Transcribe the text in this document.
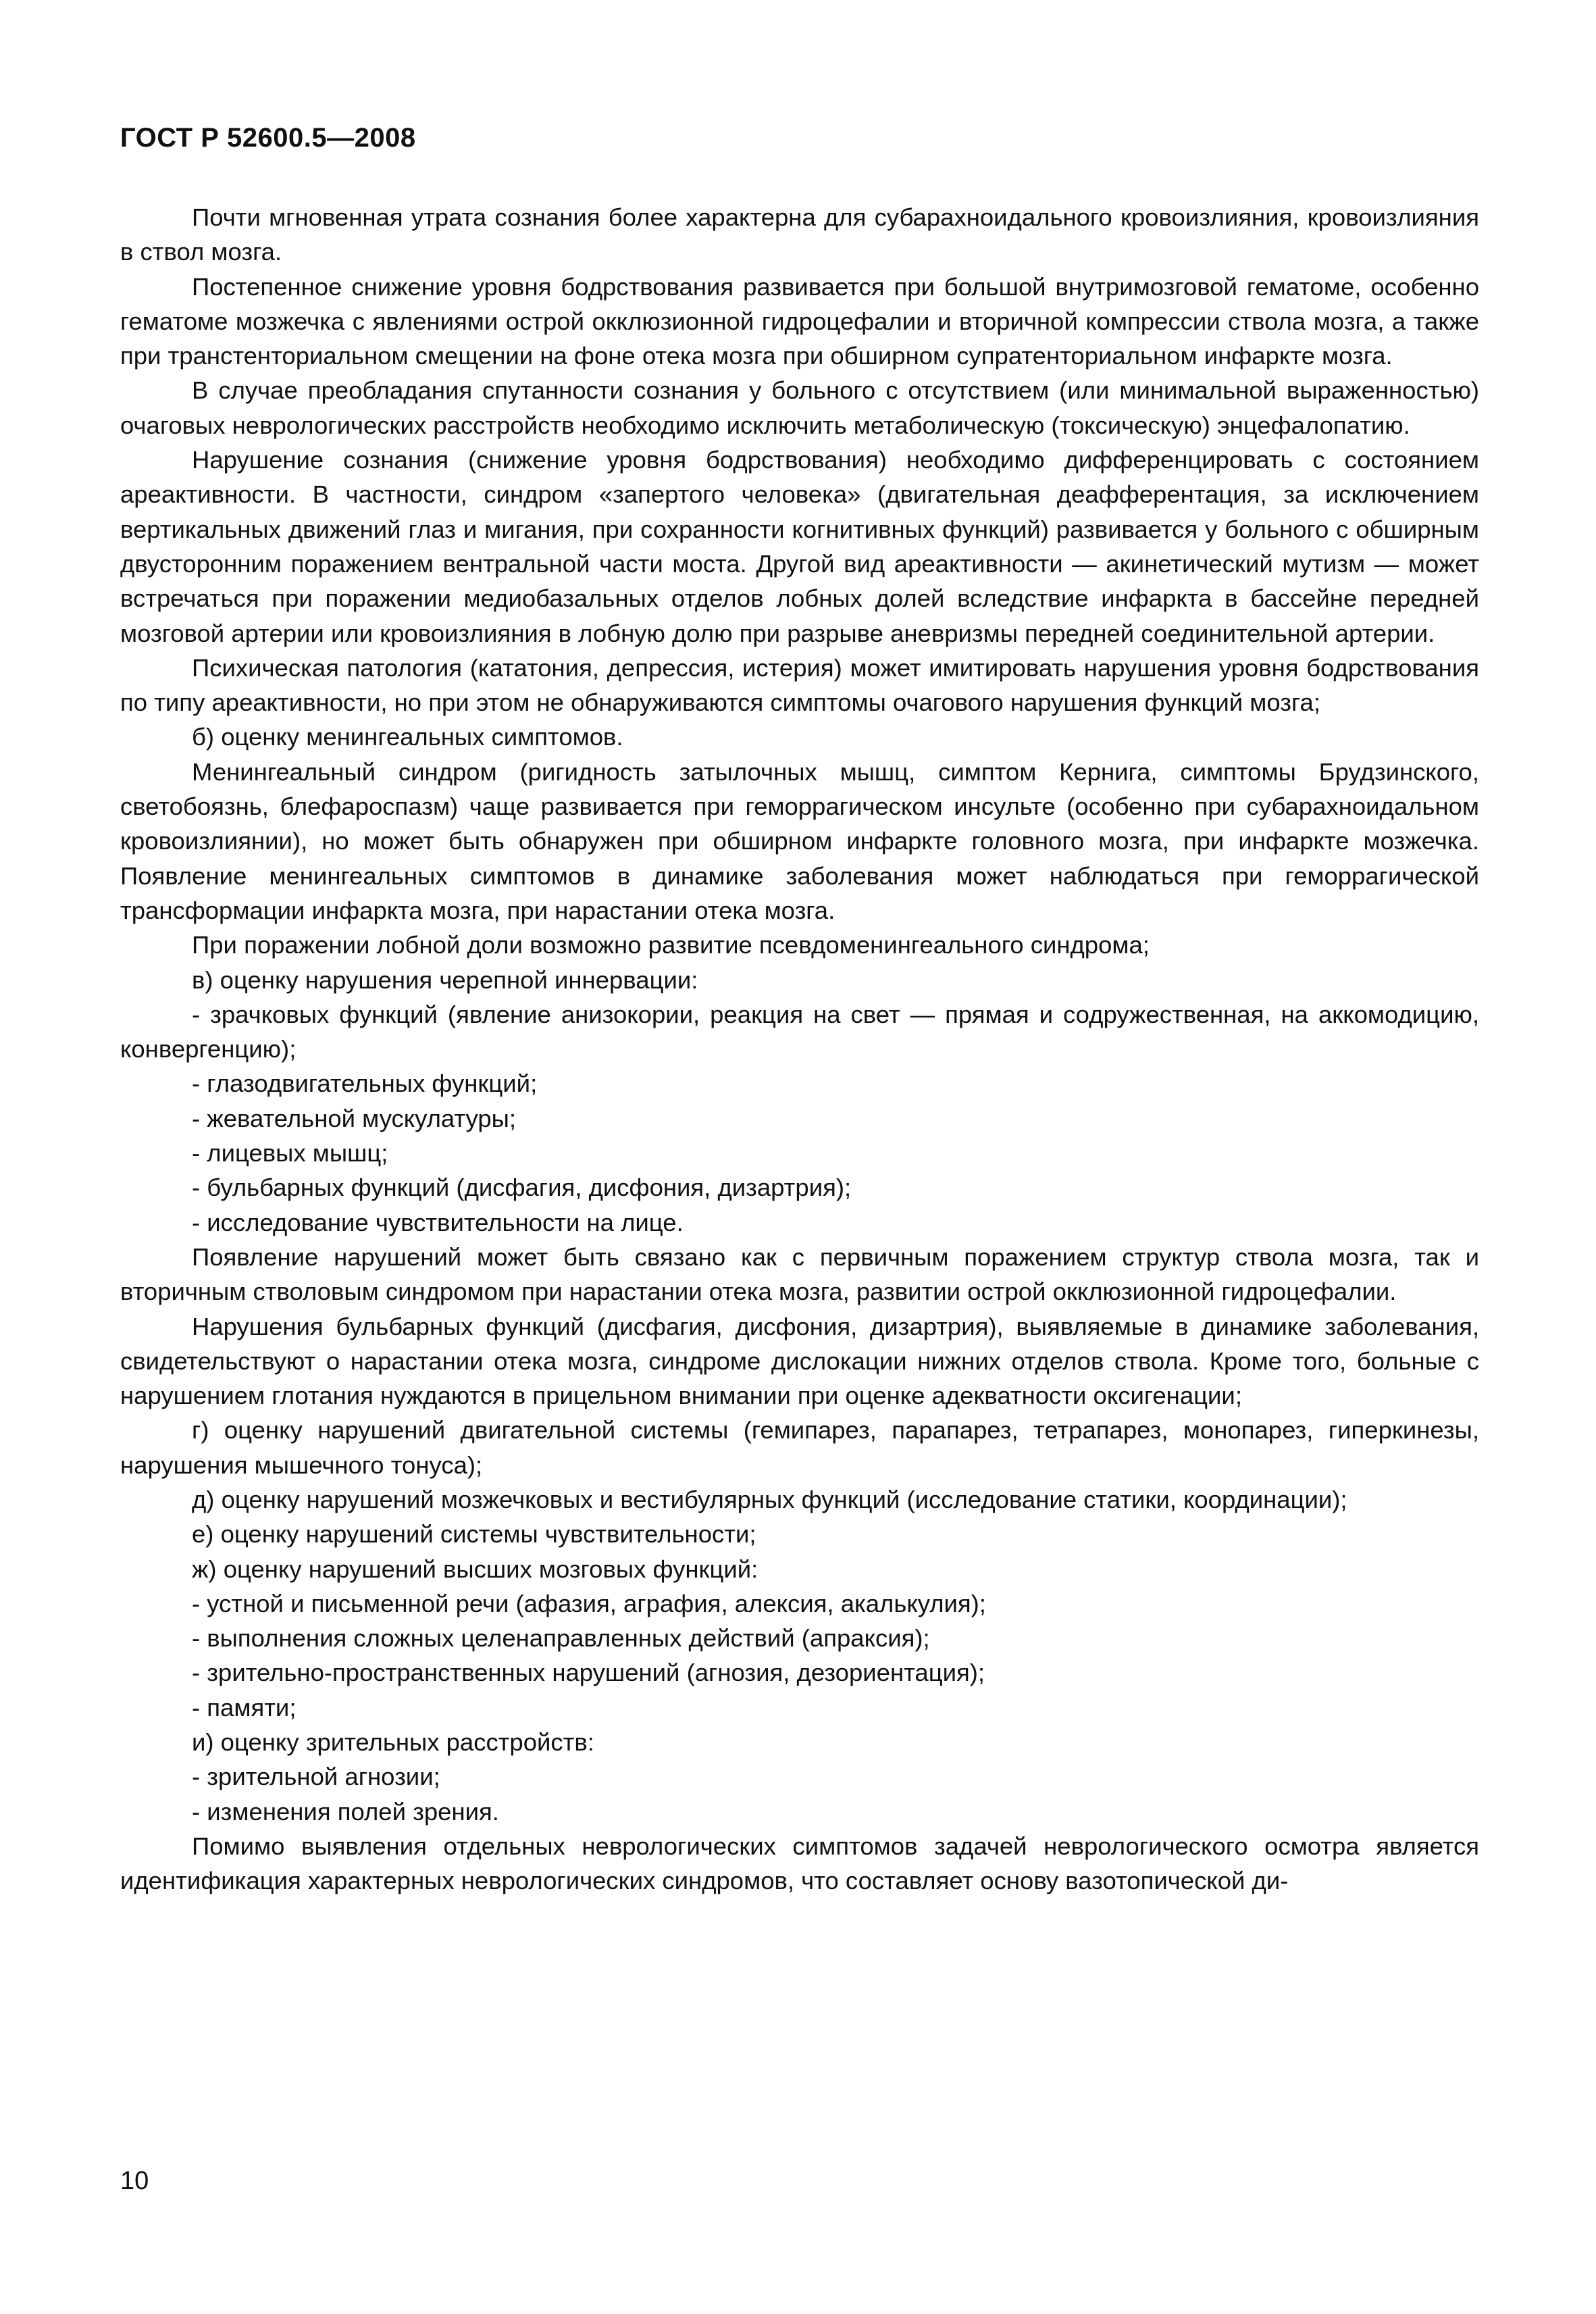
ГОСТ Р 52600.5—2008

Почти мгновенная утрата сознания более характерна для субарахноидального кровоизлияния, кровоизлияния в ствол мозга.

Постепенное снижение уровня бодрствования развивается при большой внутримозговой гематоме, особенно гематоме мозжечка с явлениями острой окклюзионной гидроцефалии и вторичной компрессии ствола мозга, а также при транстенториальном смещении на фоне отека мозга при обширном супратенториальном инфаркте мозга.

В случае преобладания спутанности сознания у больного с отсутствием (или минимальной выраженностью) очаговых неврологических расстройств необходимо исключить метаболическую (токсическую) энцефалопатию.

Нарушение сознания (снижение уровня бодрствования) необходимо дифференцировать с состоянием ареактивности. В частности, синдром «запертого человека» (двигательная деафферентация, за исключением вертикальных движений глаз и мигания, при сохранности когнитивных функций) развивается у больного с обширным двусторонним поражением вентральной части моста. Другой вид ареактивности — акинетический мутизм — может встречаться при поражении медиобазальных отделов лобных долей вследствие инфаркта в бассейне передней мозговой артерии или кровоизлияния в лобную долю при разрыве аневризмы передней соединительной артерии.

Психическая патология (кататония, депрессия, истерия) может имитировать нарушения уровня бодрствования по типу ареактивности, но при этом не обнаруживаются симптомы очагового нарушения функций мозга;

б) оценку менингеальных симптомов.

Менингеальный синдром (ригидность затылочных мышц, симптом Кернига, симптомы Брудзинского, светобоязнь, блефароспазм) чаще развивается при геморрагическом инсульте (особенно при субарахноидальном кровоизлиянии), но может быть обнаружен при обширном инфаркте головного мозга, при инфаркте мозжечка. Появление менингеальных симптомов в динамике заболевания может наблюдаться при геморрагической трансформации инфаркта мозга, при нарастании отека мозга.

При поражении лобной доли возможно развитие псевдоменингеального синдрома;

в) оценку нарушения черепной иннервации:

- зрачковых функций (явление анизокории, реакция на свет — прямая и содружественная, на аккомодицию, конвергенцию);

- глазодвигательных функций;

- жевательной мускулатуры;

- лицевых мышц;

- бульбарных функций (дисфагия, дисфония, дизартрия);

- исследование чувствительности на лице.

Появление нарушений может быть связано как с первичным поражением структур ствола мозга, так и вторичным стволовым синдромом при нарастании отека мозга, развитии острой окклюзионной гидроцефалии.

Нарушения бульбарных функций (дисфагия, дисфония, дизартрия), выявляемые в динамике заболевания, свидетельствуют о нарастании отека мозга, синдроме дислокации нижних отделов ствола. Кроме того, больные с нарушением глотания нуждаются в прицельном внимании при оценке адекватности оксигенации;

г) оценку нарушений двигательной системы (гемипарез, парапарез, тетрапарез, монопарез, гиперкинезы, нарушения мышечного тонуса);

д) оценку нарушений мозжечковых и вестибулярных функций (исследование статики, координации);

е) оценку нарушений системы чувствительности;

ж) оценку нарушений высших мозговых функций:

- устной и письменной речи (афазия, аграфия, алексия, акалькулия);

- выполнения сложных целенаправленных действий (апраксия);

- зрительно-пространственных нарушений (агнозия, дезориентация);

- памяти;

и) оценку зрительных расстройств:

- зрительной агнозии;

- изменения полей зрения.

Помимо выявления отдельных неврологических симптомов задачей неврологического осмотра является идентификация характерных неврологических синдромов, что составляет основу вазотопической ди-

10
